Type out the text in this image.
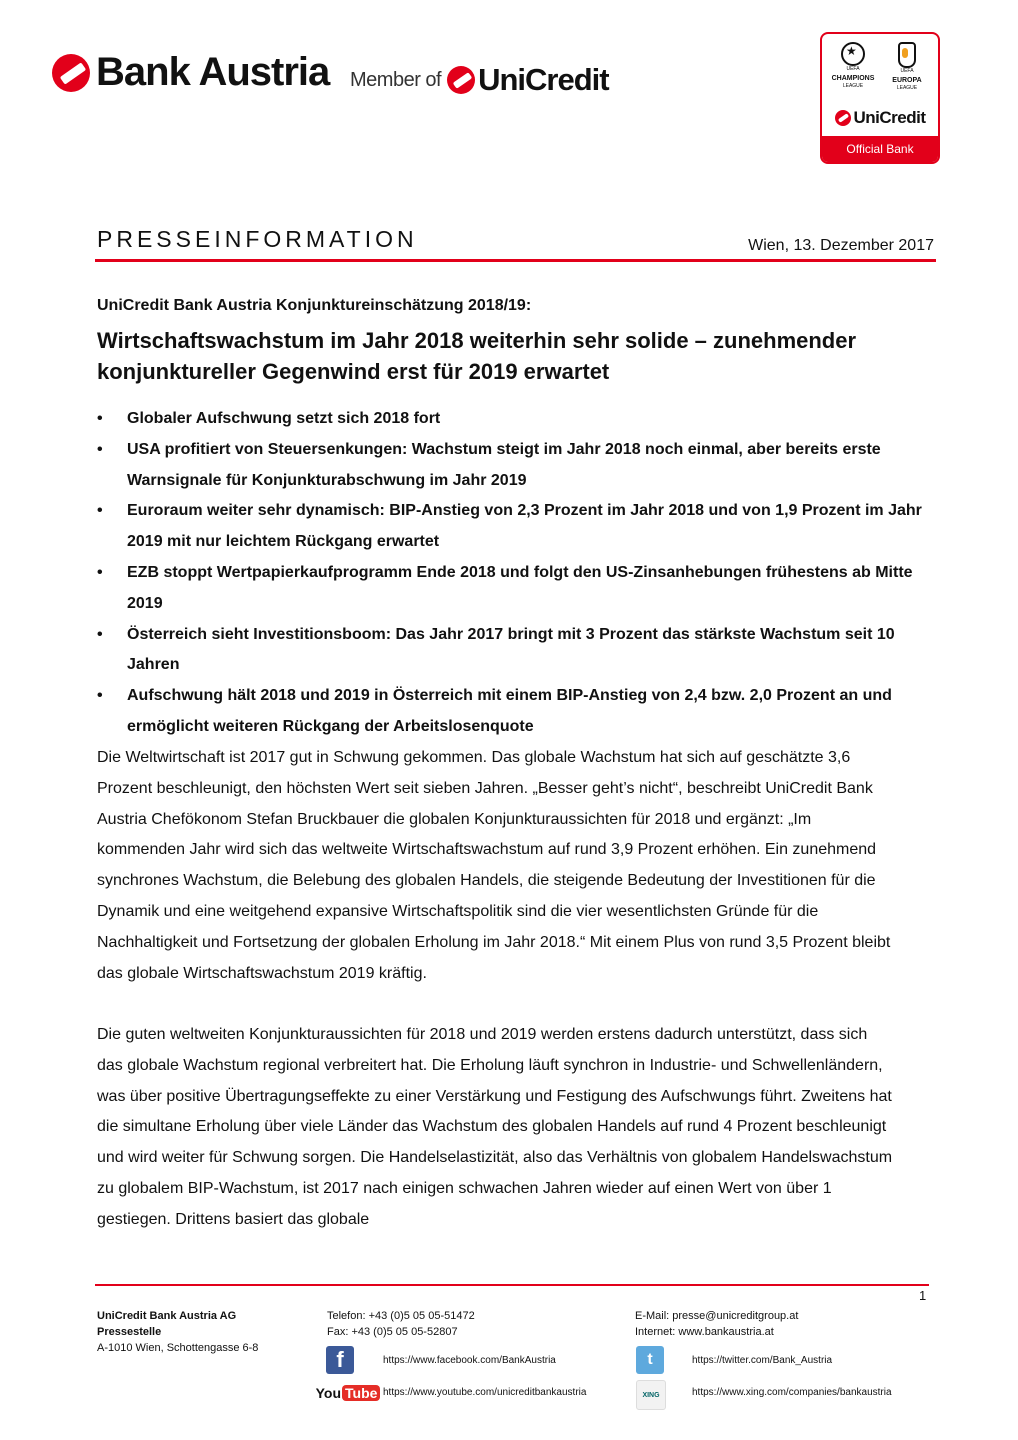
Bank Austria Member of UniCredit
★	UEFA
CHAMPIONS
LEAGUE
UEFA
EUROPA
LEAGUE
UniCredit
Official Bank
PRESSEINFORMATION	Wien, 13. Dezember 2017
UniCredit Bank Austria Konjunktureinschätzung 2018/19:
Wirtschaftswachstum im Jahr 2018 weiterhin sehr solide – zunehmender
konjunktureller Gegenwind erst für 2019 erwartet
• Globaler Aufschwung setzt sich 2018 fort
• USA profitiert von Steuersenkungen: Wachstum steigt im Jahr 2018 noch einmal, aber bereits erste Warnsignale für Konjunkturabschwung im Jahr 2019
• Euroraum weiter sehr dynamisch: BIP-Anstieg von 2,3 Prozent im Jahr 2018 und von 1,9 Prozent im Jahr 2019 mit nur leichtem Rückgang erwartet
• EZB stoppt Wertpapierkaufprogramm Ende 2018 und folgt den US-Zinsanhebungen frühestens ab Mitte 2019
• Österreich sieht Investitionsboom: Das Jahr 2017 bringt mit 3 Prozent das stärkste Wachstum seit 10 Jahren
• Aufschwung hält 2018 und 2019 in Österreich mit einem BIP-Anstieg von 2,4 bzw. 2,0 Prozent an und ermöglicht weiteren Rückgang der Arbeitslosenquote

Die Weltwirtschaft ist 2017 gut in Schwung gekommen. Das globale Wachstum hat sich auf geschätzte 3,6 Prozent beschleunigt, den höchsten Wert seit sieben Jahren. „Besser geht’s nicht“, beschreibt UniCredit Bank Austria Chefökonom Stefan Bruckbauer die globalen Konjunkturaussichten für 2018 und ergänzt: „Im kommenden Jahr wird sich das weltweite Wirtschaftswachstum auf rund 3,9 Prozent erhöhen. Ein zunehmend synchrones Wachstum, die Belebung des globalen Handels, die steigende Bedeutung der Investitionen für die Dynamik und eine weitgehend expansive Wirtschaftspolitik sind die vier wesentlichsten Gründe für die Nachhaltigkeit und Fortsetzung der globalen Erholung im Jahr 2018.“ Mit einem Plus von rund 3,5 Prozent bleibt das globale Wirtschaftswachstum 2019 kräftig.

Die guten weltweiten Konjunkturaussichten für 2018 und 2019 werden erstens dadurch unterstützt, dass sich das globale Wachstum regional verbreitert hat. Die Erholung läuft synchron in Industrie- und Schwellenländern, was über positive Übertragungseffekte zu einer Verstärkung und Festigung des Aufschwungs führt. Zweitens hat die simultane Erholung über viele Länder das Wachstum des globalen Handels auf rund 4 Prozent beschleunigt und wird weiter für Schwung sorgen. Die Handelselastizität, also das Verhältnis von globalem Handelswachstum zu globalem BIP-Wachstum, ist 2017 nach einigen schwachen Jahren wieder auf einen Wert von über 1 gestiegen. Drittens basiert das globale

1
UniCredit Bank Austria AG
Pressestelle
A-1010 Wien, Schottengasse 6-8
Telefon: +43 (0)5 05 05-51472
Fax: +43 (0)5 05 05-52807
E-Mail: presse@unicreditgroup.at
Internet: www.bankaustria.at
f	https://www.facebook.com/BankAustria	t	https://twitter.com/Bank_Austria
You Tube https://www.youtube.com/unicreditbankaustria	XING	https://www.xing.com/companies/bankaustria
